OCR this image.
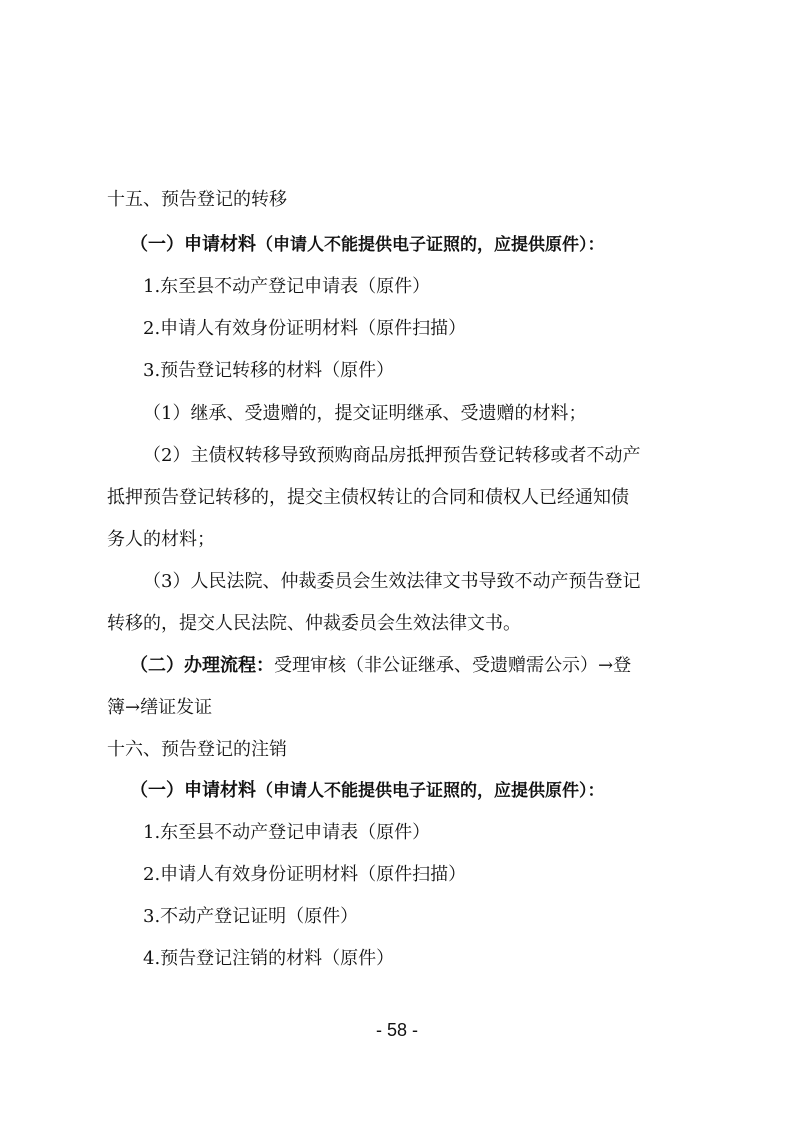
十五、预告登记的转移
（一）申请材料（申请人不能提供电子证照的，应提供原件）：
1.东至县不动产登记申请表（原件）
2.申请人有效身份证明材料（原件扫描）
3.预告登记转移的材料（原件）
（1）继承、受遗赠的，提交证明继承、受遗赠的材料；
（2）主债权转移导致预购商品房抵押预告登记转移或者不动产
抵押预告登记转移的，提交主债权转让的合同和债权人已经通知债
务人的材料；
（3）人民法院、仲裁委员会生效法律文书导致不动产预告登记
转移的，提交人民法院、仲裁委员会生效法律文书。
（二）办理流程：受理审核（非公证继承、受遗赠需公示）→登
簿→缮证发证
十六、预告登记的注销
（一）申请材料（申请人不能提供电子证照的，应提供原件）：
1.东至县不动产登记申请表（原件）
2.申请人有效身份证明材料（原件扫描）
3.不动产登记证明（原件）
4.预告登记注销的材料（原件）
- 58 -
